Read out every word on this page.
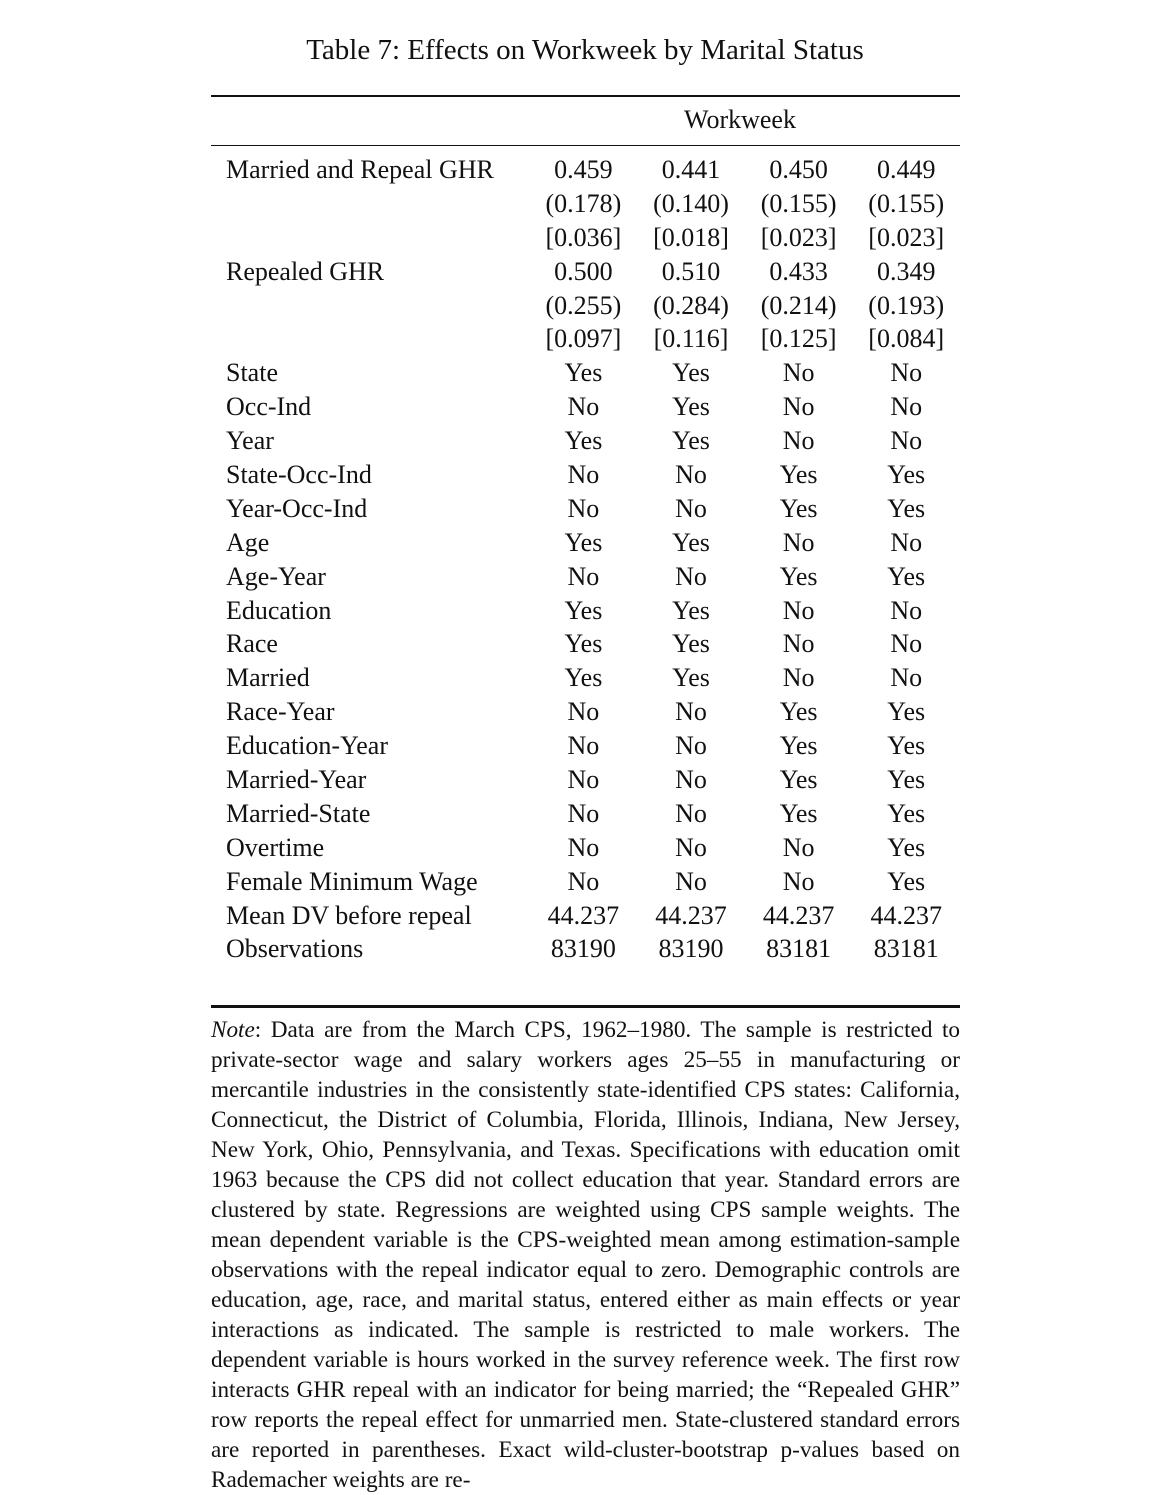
Table 7: Effects on Workweek by Marital Status
Workweek
Married and Repeal GHR	0.459	0.441	0.450	0.449
(0.178)	(0.140)	(0.155)	(0.155)
[0.036]	[0.018]	[0.023]	[0.023]
Repealed GHR	0.500	0.510	0.433	0.349
(0.255)	(0.284)	(0.214)	(0.193)
[0.097]	[0.116]	[0.125]	[0.084]
State	Yes	Yes	No	No
Occ-Ind	No	Yes	No	No
Year	Yes	Yes	No	No
State-Occ-Ind	No	No	Yes	Yes
Year-Occ-Ind	No	No	Yes	Yes
Age	Yes	Yes	No	No
Age-Year	No	No	Yes	Yes
Education	Yes	Yes	No	No
Race	Yes	Yes	No	No
Married	Yes	Yes	No	No
Race-Year	No	No	Yes	Yes
Education-Year	No	No	Yes	Yes
Married-Year	No	No	Yes	Yes
Married-State	No	No	Yes	Yes
Overtime	No	No	No	Yes
Female Minimum Wage	No	No	No	Yes
Mean DV before repeal	44.237	44.237	44.237	44.237
Observations	83190	83190	83181	83181
Note: Data are from the March CPS, 1962–1980. The sample is restricted to private-sector wage and salary workers ages 25–55 in manufacturing or mercantile industries in the consistently state-identified CPS states: California, Connecticut, the District of Columbia, Florida, Illinois, Indiana, New Jersey, New York, Ohio, Pennsylvania, and Texas. Specifications with education omit 1963 because the CPS did not collect education that year. Standard errors are clustered by state. Regressions are weighted using CPS sample weights. The mean dependent variable is the CPS-weighted mean among estimation-sample observations with the repeal indicator equal to zero. Demographic controls are education, age, race, and marital status, entered either as main effects or year interactions as indicated. The sample is restricted to male workers. The dependent variable is hours worked in the survey reference week. The first row interacts GHR repeal with an indicator for being married; the “Repealed GHR” row reports the repeal effect for unmarried men. State-clustered standard errors are reported in parentheses. Exact wild-cluster-bootstrap p-values based on Rademacher weights are re-
